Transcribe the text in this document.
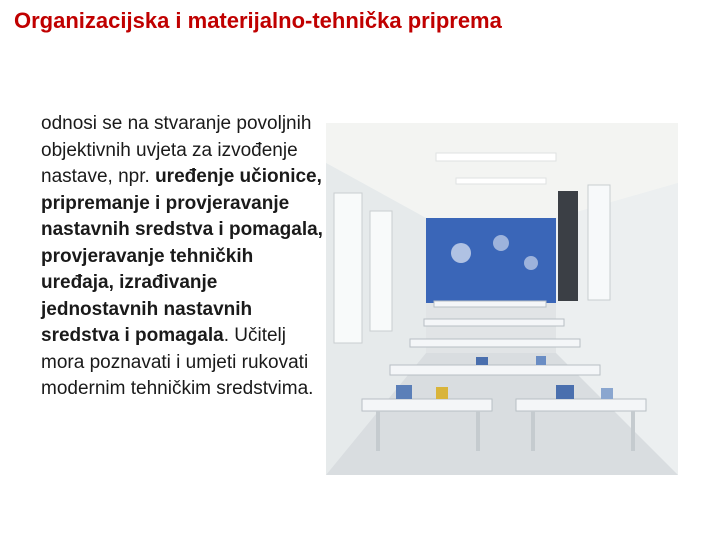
Organizacijska i materijalno-tehnička priprema
odnosi se na stvaranje povoljnih objektivnih uvjeta za izvođenje nastave, npr. uređenje učionice, pripremanje i provjeravanje nastavnih sredstva i pomagala, provjeravanje tehničkih uređaja, izrađivanje jednostavnih nastavnih sredstva i pomagala. Učitelj mora poznavati i umjeti rukovati modernim tehničkim sredstvima.
